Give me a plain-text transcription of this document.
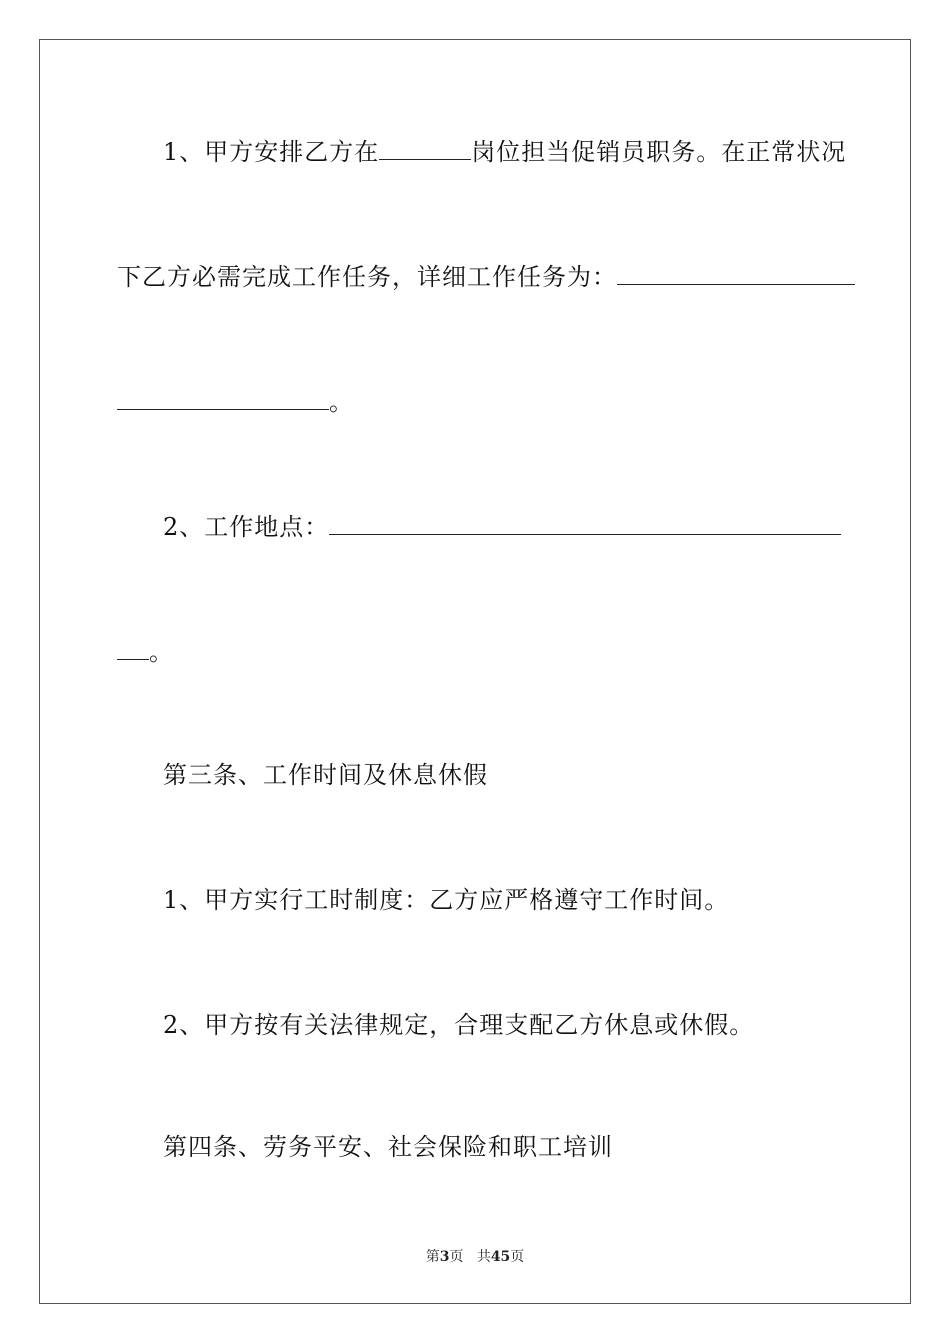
1、甲方安排乙方在	岗位担当促销员职务。在正常状况
下乙方必需完成工作任务，详细工作任务为：
。
2、工作地点：
。
第三条、工作时间及休息休假
1、甲方实行工时制度：乙方应严格遵守工作时间。
2、甲方按有关法律规定，合理支配乙方休息或休假。
第四条、劳务平安、社会保险和职工培训
第3页 共45页
